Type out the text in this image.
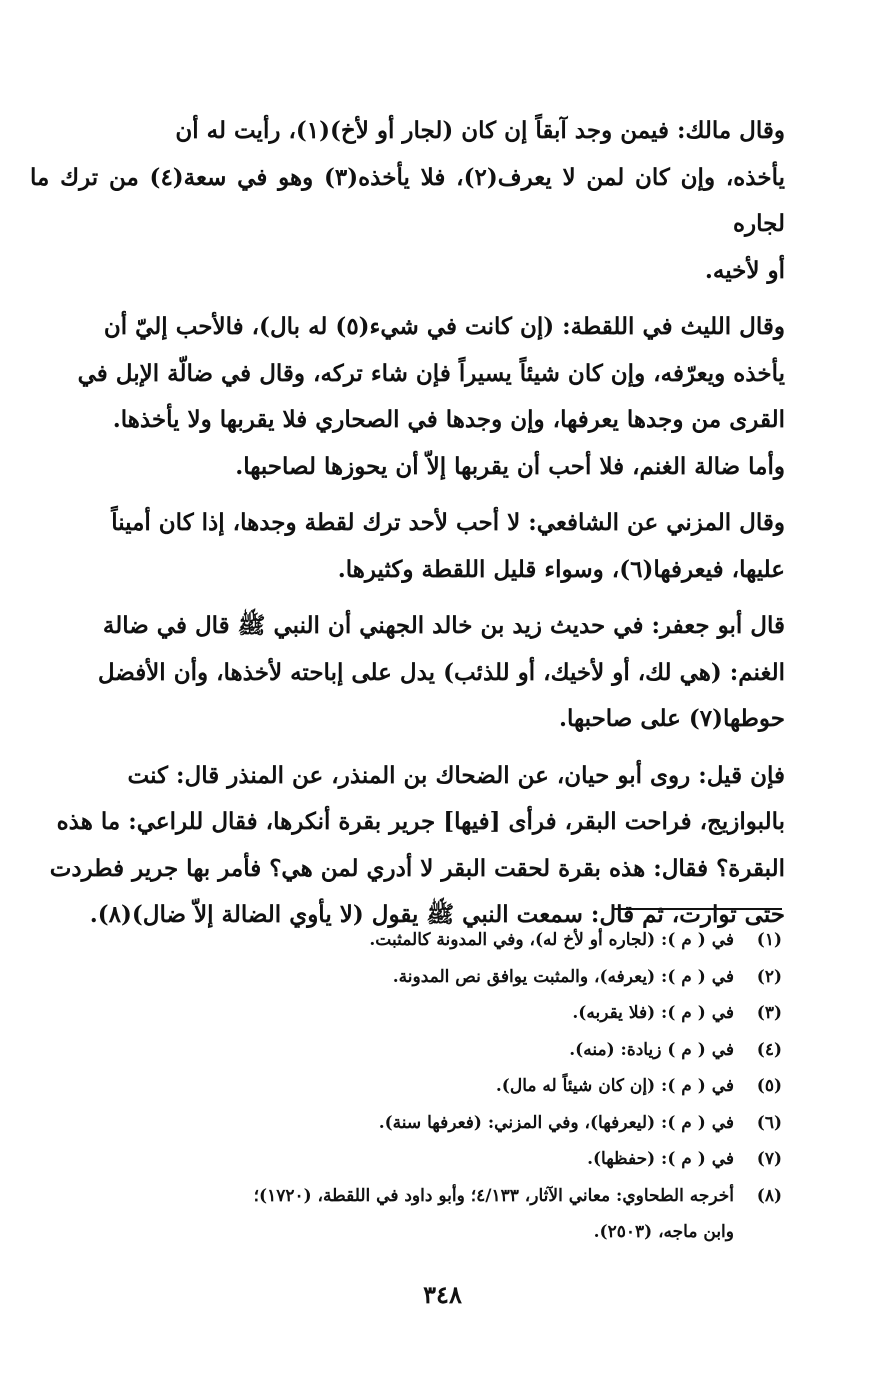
وقال مالك: فيمن وجد آبقاً إن كان (لجار أو لأخ)(١)، رأيت له أن

يأخذه، وإن كان لمن لا يعرف(٢)، فلا يأخذه(٣) وهو في سعة(٤) من ترك ما لجاره

أو لأخيه.

وقال الليث في اللقطة: (إن كانت في شيء(٥) له بال)، فالأحب إليّ أن

يأخذه ويعرّفه، وإن كان شيئاً يسيراً فإن شاء تركه، وقال في ضالّة الإبل في

القرى من وجدها يعرفها، وإن وجدها في الصحاري فلا يقربها ولا يأخذها.

وأما ضالة الغنم، فلا أحب أن يقربها إلاّ أن يحوزها لصاحبها.

وقال المزني عن الشافعي: لا أحب لأحد ترك لقطة وجدها، إذا كان أميناً

عليها، فيعرفها(٦)، وسواء قليل اللقطة وكثيرها.

قال أبو جعفر: في حديث زيد بن خالد الجهني أن النبي ﷺ قال في ضالة

الغنم: (هي لك، أو لأخيك، أو للذئب) يدل على إباحته لأخذها، وأن الأفضل

حوطها(٧) على صاحبها.

فإن قيل: روى أبو حيان، عن الضحاك بن المنذر، عن المنذر قال: كنت

بالبوازيج، فراحت البقر، فرأى [فيها] جرير بقرة أنكرها، فقال للراعي: ما هذه

البقرة؟ فقال: هذه بقرة لحقت البقر لا أدري لمن هي؟ فأمر بها جرير فطردت

حتى توارت، ثم قال: سمعت النبي ﷺ يقول (لا يأوي الضالة إلاّ ضال)(٨).

(١)
في ( م ): (لجاره أو لأخ له)، وفي المدونة كالمثبت.
(٢)
في ( م ): (يعرفه)، والمثبت يوافق نص المدونة.
(٣)
في ( م ): (فلا يقربه).
(٤)
في ( م ) زيادة: (منه).
(٥)
في ( م ): (إن كان شيئاً له مال).
(٦)
في ( م ): (ليعرفها)، وفي المزني: (فعرفها سنة).
(٧)
في ( م ): (حفظها).
(٨)
أخرجه الطحاوي: معاني الآثار، ٤/١٣٣؛ وأبو داود في اللقطة، (١٧٢٠)؛
وابن ماجه، (٢٥٠٣).
٣٤٨
